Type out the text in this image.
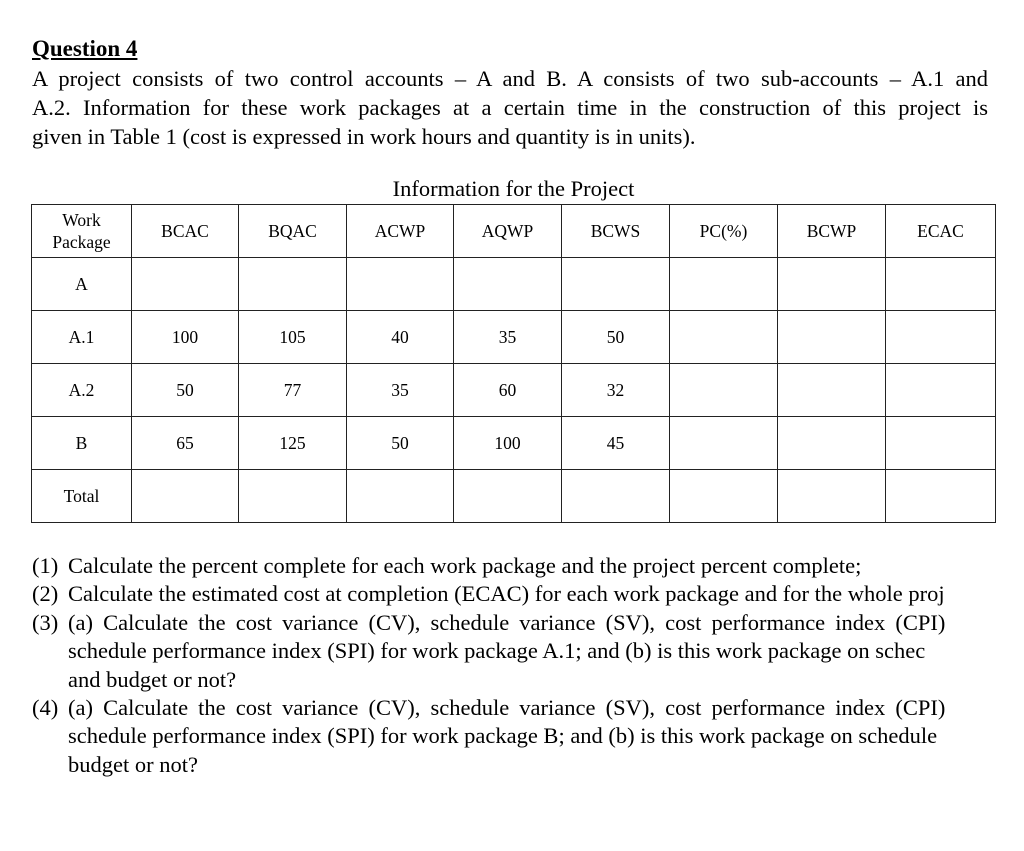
Question 4
A project consists of two control accounts – A and B. A consists of two sub-accounts – A.1 and
A.2. Information for these work packages at a certain time in the construction of this project is
given in Table 1 (cost is expressed in work hours and quantity is in units).
Information for the Project
Work
Package	BCAC	BQAC	ACWP	AQWP	BCWS	PC(%)	BCWP	ECAC
A								
A.1	100	105	40	35	50			
A.2	50	77	35	60	32			
B	65	125	50	100	45			
Total								
(1) Calculate the percent complete for each work package and the project percent complete;
(2) Calculate the estimated cost at completion (ECAC) for each work package and for the whole proj
(3) (a) Calculate the cost variance (CV), schedule variance (SV), cost performance index (CPI)
schedule performance index (SPI) for work package A.1; and (b) is this work package on schec
and budget or not?
(4) (a) Calculate the cost variance (CV), schedule variance (SV), cost performance index (CPI)
schedule performance index (SPI) for work package B; and (b) is this work package on schedule
budget or not?
